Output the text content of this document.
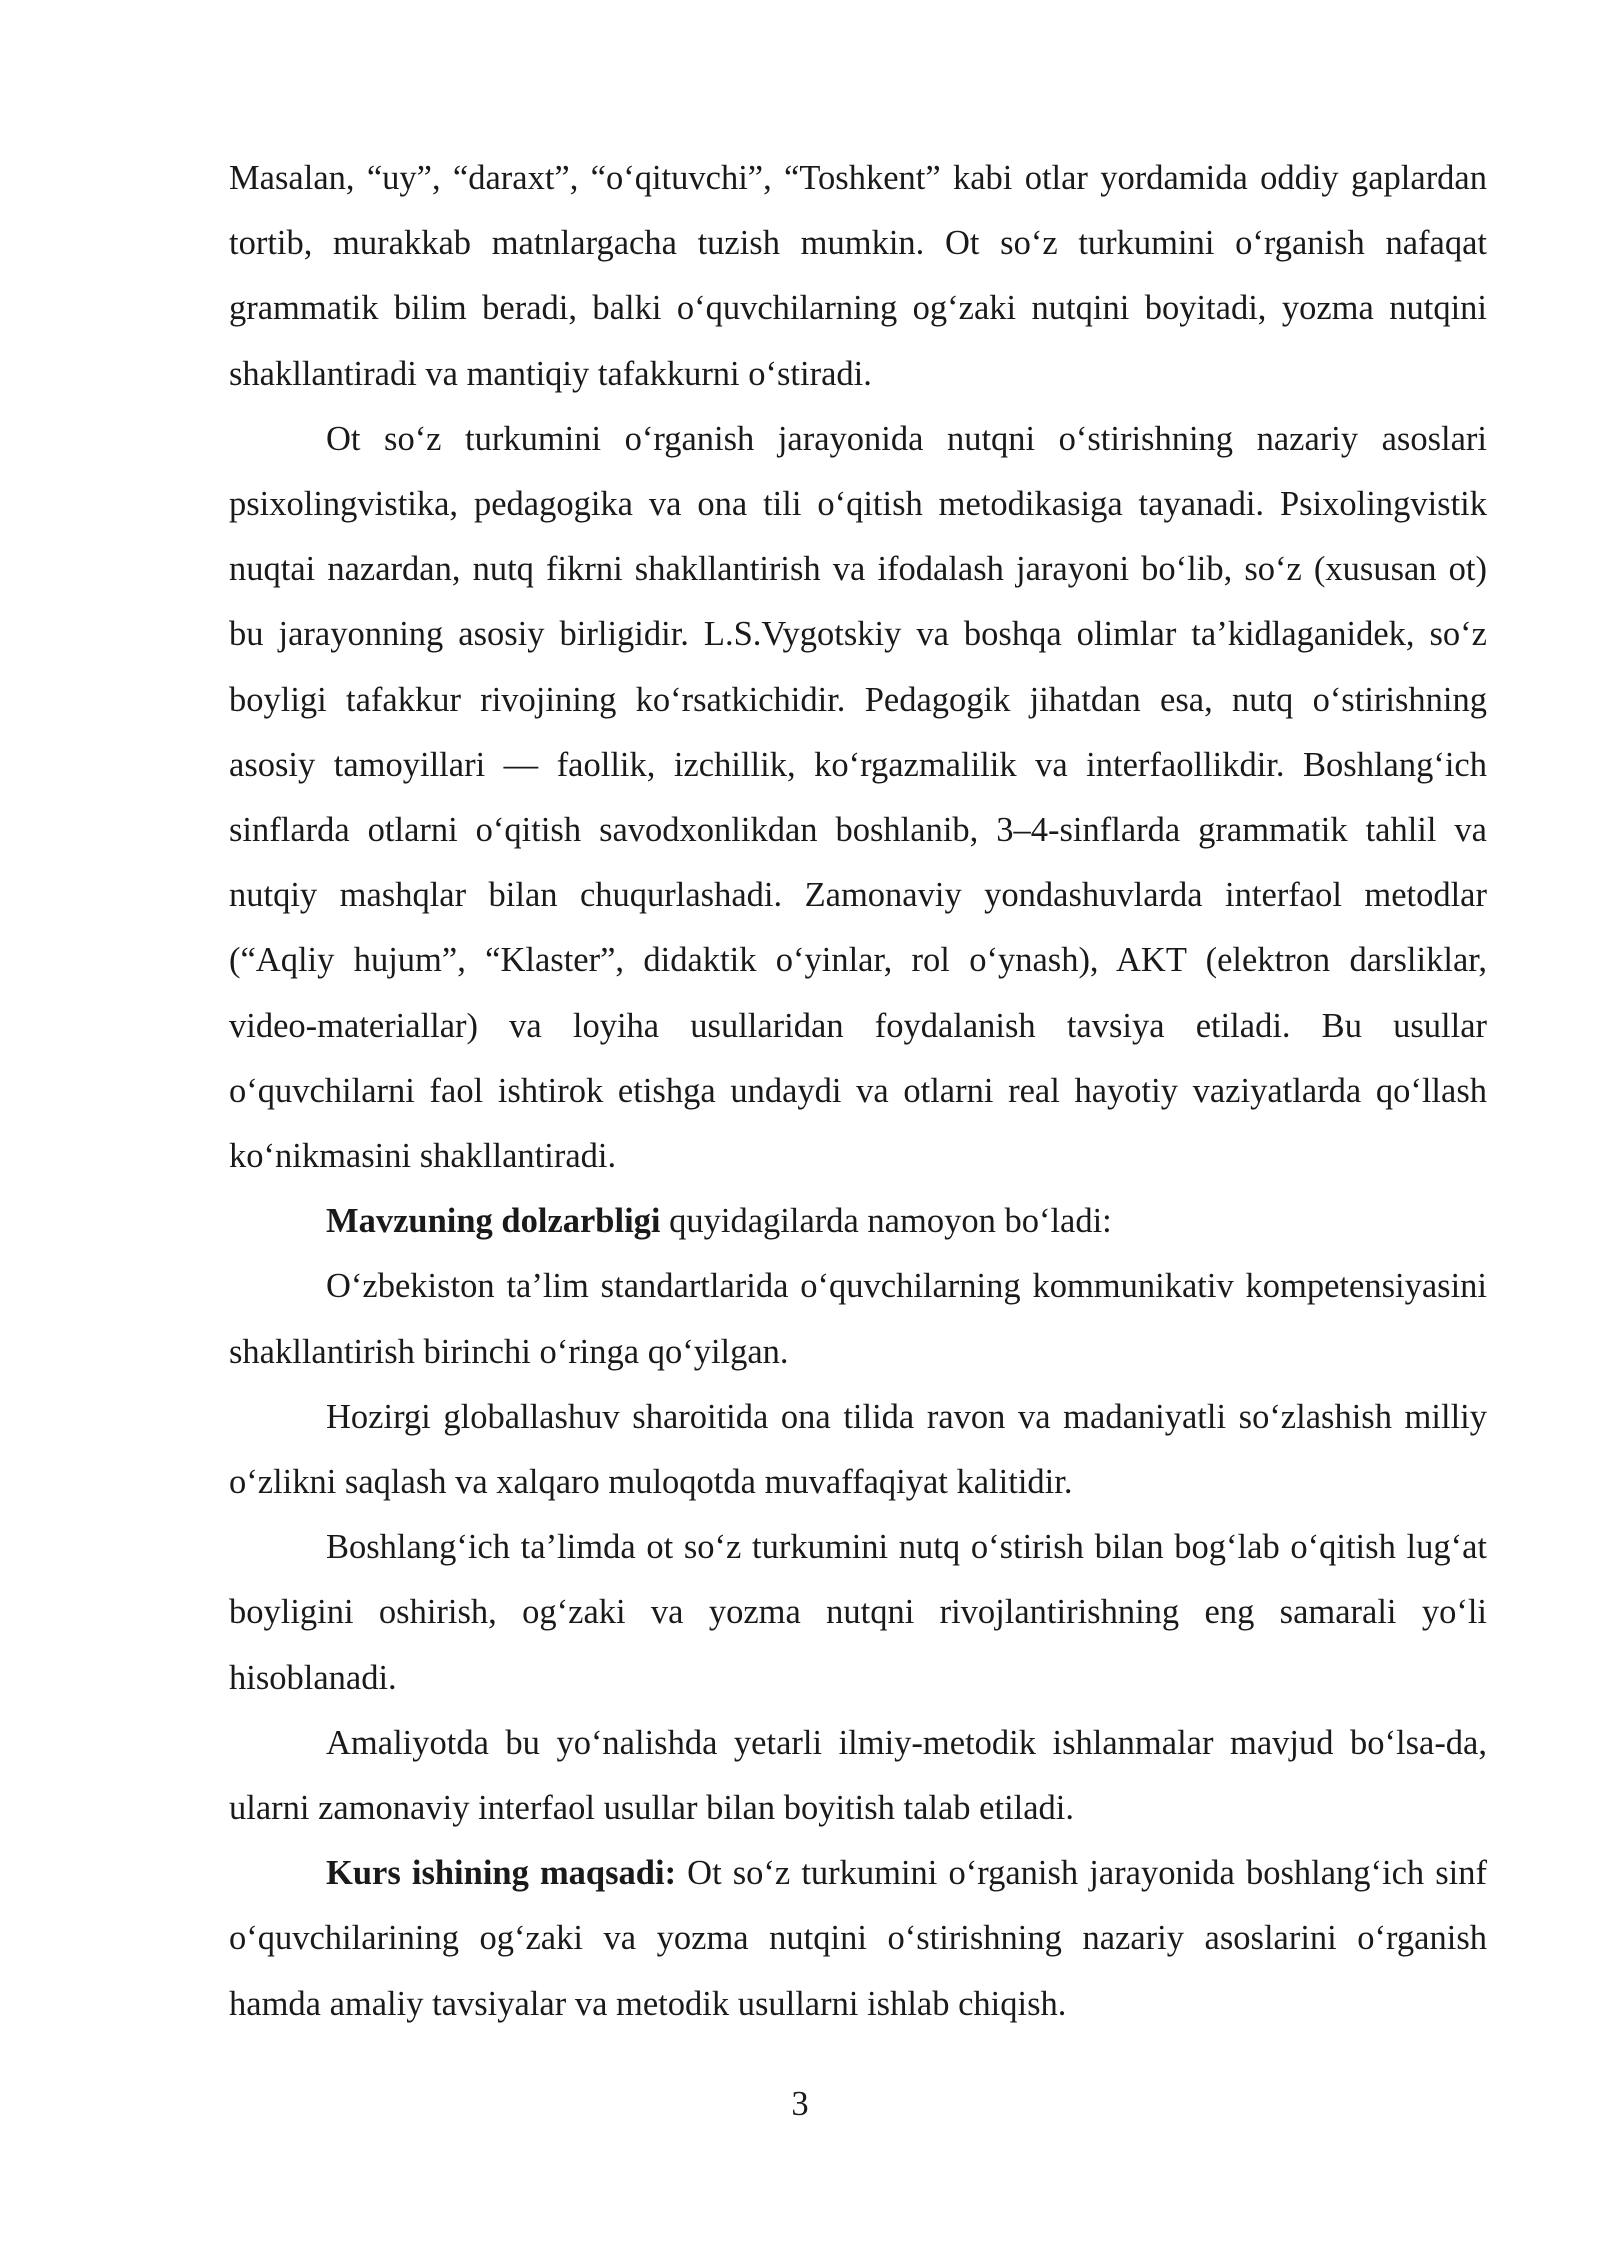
Masalan, “uy”, “daraxt”, “o‘qituvchi”, “Toshkent” kabi otlar yordamida oddiy gaplardan tortib, murakkab matnlargacha tuzish mumkin. Ot so‘z turkumini o‘rganish nafaqat grammatik bilim beradi, balki o‘quvchilarning og‘zaki nutqini boyitadi, yozma nutqini shakllantiradi va mantiqiy tafakkurni o‘stiradi.

Ot so‘z turkumini o‘rganish jarayonida nutqni o‘stirishning nazariy asoslari psixolingvistika, pedagogika va ona tili o‘qitish metodikasiga tayanadi. Psixolingvistik nuqtai nazardan, nutq fikrni shakllantirish va ifodalash jarayoni bo‘lib, so‘z (xususan ot) bu jarayonning asosiy birligidir. L.S.Vygotskiy va boshqa olimlar ta’kidlaganidek, so‘z boyligi tafakkur rivojining ko‘rsatkichidir. Pedagogik jihatdan esa, nutq o‘stirishning asosiy tamoyillari — faollik, izchillik, ko‘rgazmalilik va interfaollikdir. Boshlang‘ich sinflarda otlarni o‘qitish savodxonlikdan boshlanib, 3–4-sinflarda grammatik tahlil va nutqiy mashqlar bilan chuqurlashadi. Zamonaviy yondashuvlarda interfaol metodlar (“Aqliy hujum”, “Klaster”, didaktik o‘yinlar, rol o‘ynash), AKT (elektron darsliklar, video-materiallar) va loyiha usullaridan foydalanish tavsiya etiladi. Bu usullar o‘quvchilarni faol ishtirok etishga undaydi va otlarni real hayotiy vaziyatlarda qo‘llash ko‘nikmasini shakllantiradi.

Mavzuning dolzarbligi quyidagilarda namoyon bo‘ladi:

O‘zbekiston ta’lim standartlarida o‘quvchilarning kommunikativ kompetensiyasini shakllantirish birinchi o‘ringa qo‘yilgan.

Hozirgi globallashuv sharoitida ona tilida ravon va madaniyatli so‘zlashish milliy o‘zlikni saqlash va xalqaro muloqotda muvaffaqiyat kalitidir.

Boshlang‘ich ta’limda ot so‘z turkumini nutq o‘stirish bilan bog‘lab o‘qitish lug‘at boyligini oshirish, og‘zaki va yozma nutqni rivojlantirishning eng samarali yo‘li hisoblanadi.

Amaliyotda bu yo‘nalishda yetarli ilmiy-metodik ishlanmalar mavjud bo‘lsa-da, ularni zamonaviy interfaol usullar bilan boyitish talab etiladi.

Kurs ishining maqsadi: Ot so‘z turkumini o‘rganish jarayonida boshlang‘ich sinf o‘quvchilarining og‘zaki va yozma nutqini o‘stirishning nazariy asoslarini o‘rganish hamda amaliy tavsiyalar va metodik usullarni ishlab chiqish.

3
